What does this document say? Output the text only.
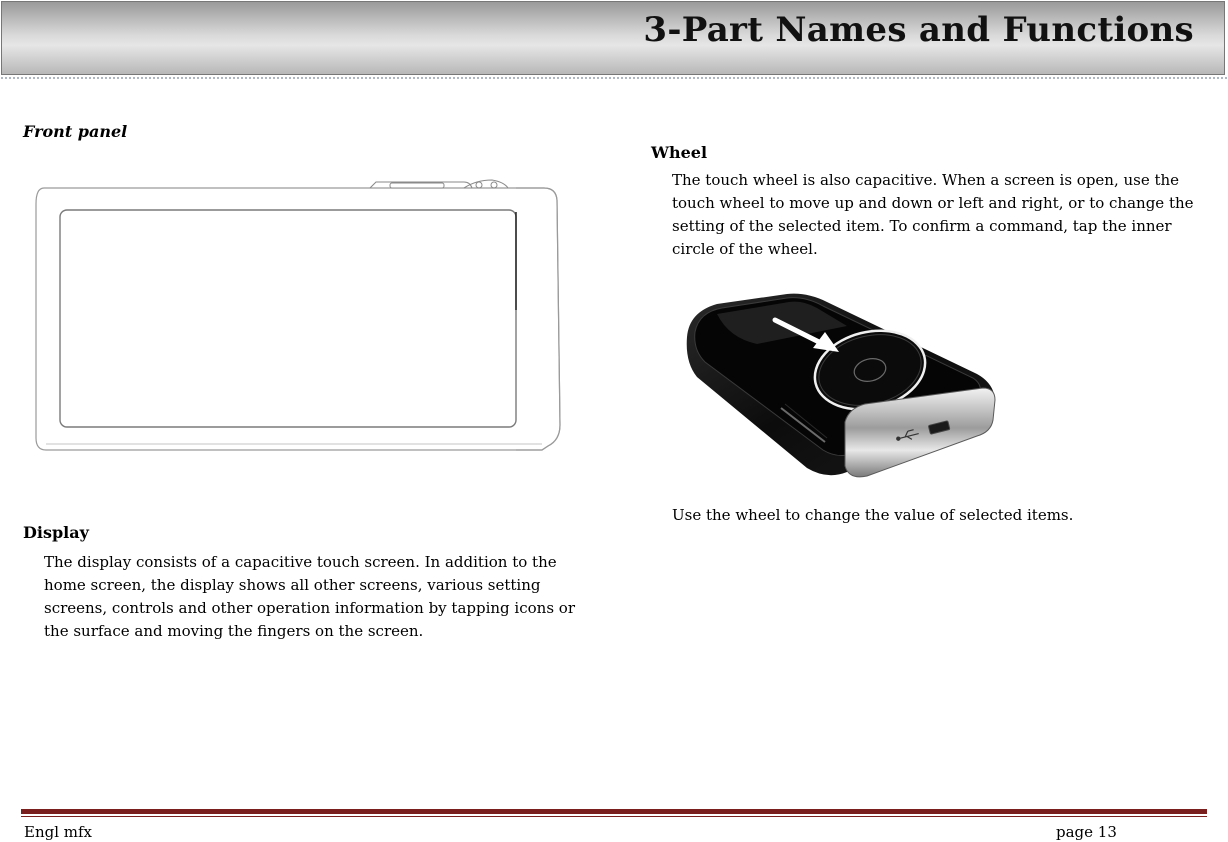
3-Part Names and Functions
Front panel
Display
The display consists of a capacitive touch screen. In addition to the home screen, the display shows all other screens, various setting screens, controls and other operation information by tapping icons or the surface and moving the fingers on the screen.
Wheel
The touch wheel is also capacitive. When a screen is open, use the touch wheel to move up and down or left and right, or to change the setting of the selected item. To confirm a command, tap the inner circle of the wheel.
Use the wheel to change the value of selected items.
Engl mfx	page 13
